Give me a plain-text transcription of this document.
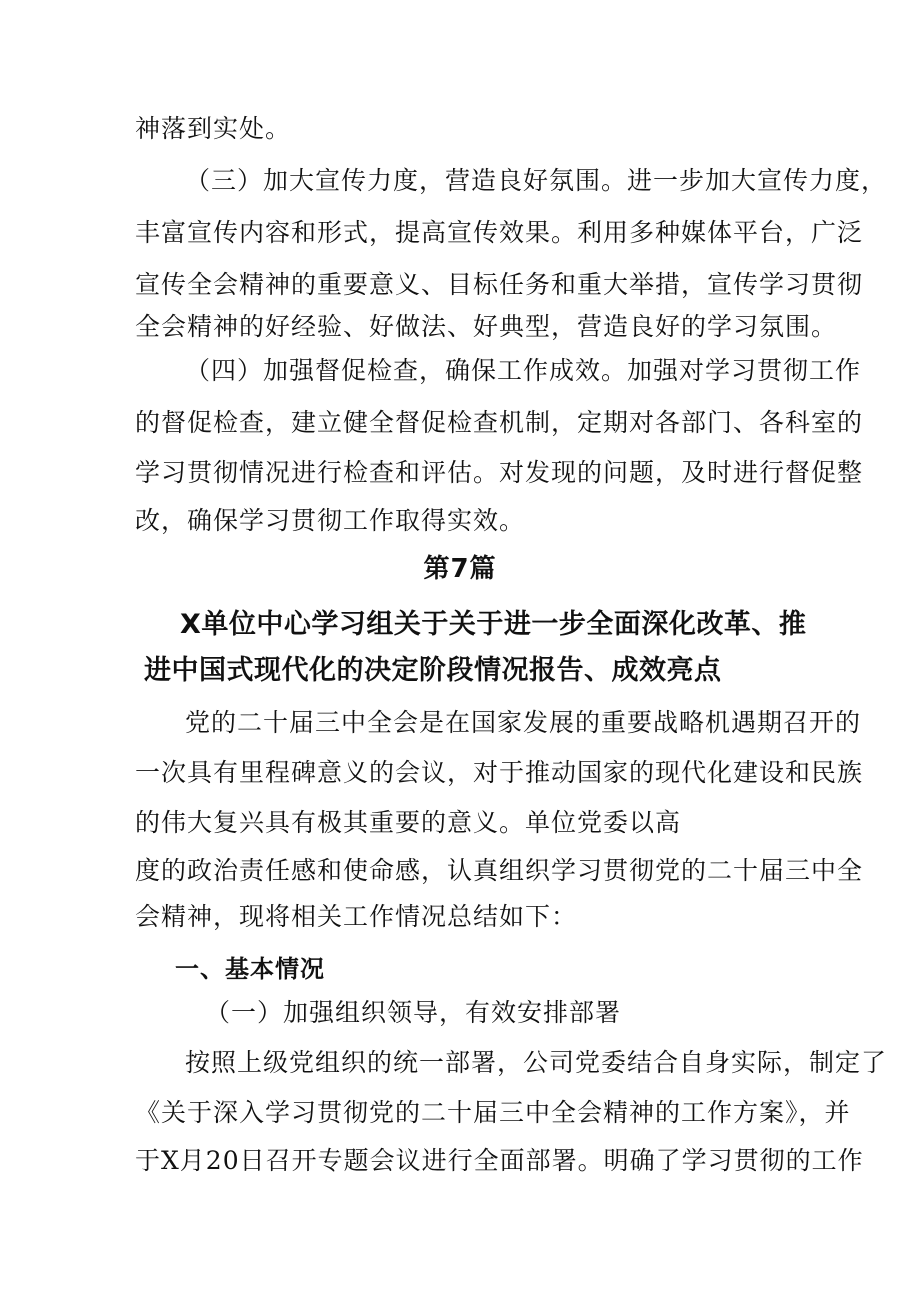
神落到实处。
（三）加大宣传力度，营造良好氛围。进一步加大宣传力度，
丰富宣传内容和形式，提高宣传效果。利用多种媒体平台，广泛
宣传全会精神的重要意义、目标任务和重大举措，宣传学习贯彻
全会精神的好经验、好做法、好典型，营造良好的学习氛围。
（四）加强督促检查，确保工作成效。加强对学习贯彻工作
的督促检查，建立健全督促检查机制，定期对各部门、各科室的
学习贯彻情况进行检查和评估。对发现的问题，及时进行督促整
改，确保学习贯彻工作取得实效。
第7篇
X单位中心学习组关于关于进一步全面深化改革、推
进中国式现代化的决定阶段情况报告、成效亮点
党的二十届三中全会是在国家发展的重要战略机遇期召开的
一次具有里程碑意义的会议，对于推动国家的现代化建设和民族
的伟大复兴具有极其重要的意义。单位党委以高
度的政治责任感和使命感，认真组织学习贯彻党的二十届三中全
会精神，现将相关工作情况总结如下：
一、基本情况
（一）加强组织领导，有效安排部署
按照上级党组织的统一部署，公司党委结合自身实际，制定了
《关于深入学习贯彻党的二十届三中全会精神的工作方案》，并
于X月20日召开专题会议进行全面部署。明确了学习贯彻的工作
